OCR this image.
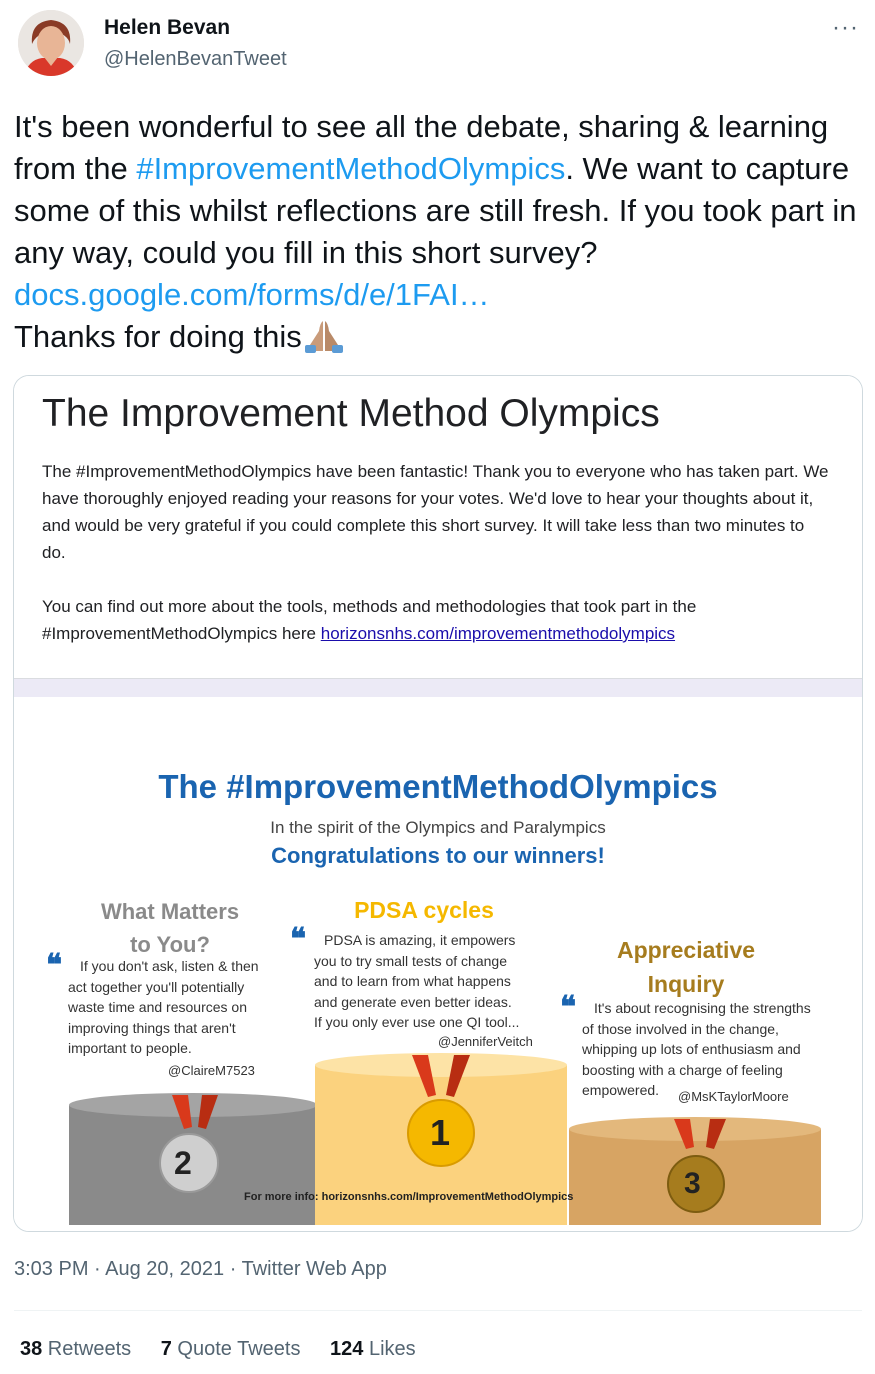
Helen Bevan
@HelenBevanTweet
···
It's been wonderful to see all the debate, sharing & learning from the #ImprovementMethodOlympics. We want to capture some of this whilst reflections are still fresh. If you took part in any way, could you fill in this short survey? docs.google.com/forms/d/e/1FAI…
Thanks for doing this
The Improvement Method Olympics
The #ImprovementMethodOlympics have been fantastic! Thank you to everyone who has taken part. We have thoroughly enjoyed reading your reasons for your votes. We'd love to hear your thoughts about it, and would be very grateful if you could complete this short survey. It will take less than two minutes to do.
You can find out more about the tools, methods and methodologies that took part in the #ImprovementMethodOlympics here horizonsnhs.com/improvementmethodolympics
The #ImprovementMethodOlympics
In the spirit of the Olympics and Paralympics
Congratulations to our winners!
2
1
3
What Matters
to You?
❝ If you don't ask, listen & then
act together you'll potentially
waste time and resources on
improving things that aren't
important to people.
@ClaireM7523
PDSA cycles
❝ PDSA is amazing, it empowers
you to try small tests of change
and to learn from what happens
and generate even better ideas.
If you only ever use one QI tool...
@JenniferVeitch
Appreciative
Inquiry
❝ It's about recognising the strengths
of those involved in the change,
whipping up lots of enthusiasm and
boosting with a charge of feeling
empowered.	@MsKTaylorMoore
For more info: horizonsnhs.com/ImprovementMethodOlympics
3:03 PM · Aug 20, 2021 · Twitter Web App
38 Retweets 7 Quote Tweets 124 Likes
